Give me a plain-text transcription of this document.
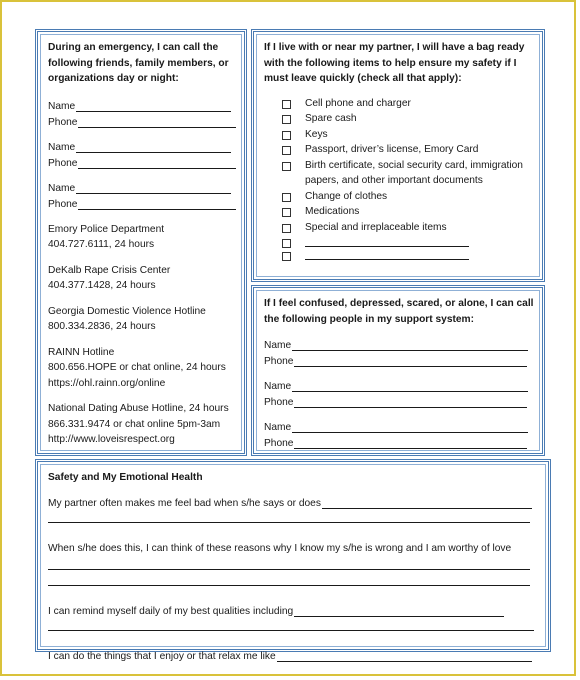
During an emergency, I can call the following friends, family members, or organizations day or night:
Name
Phone
Name
Phone
Name
Phone
Emory Police Department
404.727.6111, 24 hours
DeKalb Rape Crisis Center
404.377.1428, 24 hours
Georgia Domestic Violence Hotline
800.334.2836, 24 hours
RAINN Hotline
800.656.HOPE or chat online, 24 hours
https://ohl.rainn.org/online
National Dating Abuse Hotline, 24 hours
866.331.9474 or chat online 5pm-3am
http://www.loveisrespect.org
If I live with or near my partner, I will have a bag ready with the following items to help ensure my safety if I must leave quickly (check all that apply):
Cell phone and charger
Spare cash
Keys
Passport, driver’s license, Emory Card
Birth certificate, social security card, immigration papers, and other important documents
Change of clothes
Medications
Special and irreplaceable items
If I feel confused, depressed, scared, or alone, I can call the following people in my support system:
Name
Phone
Name
Phone
Name
Phone
Safety and My Emotional Health
My partner often makes me feel bad when s/he says or does
When s/he does this, I can think of these reasons why I know my s/he is wrong and I am worthy of love
I can remind myself daily of my best qualities including
I can do the things that I enjoy or that relax me like
